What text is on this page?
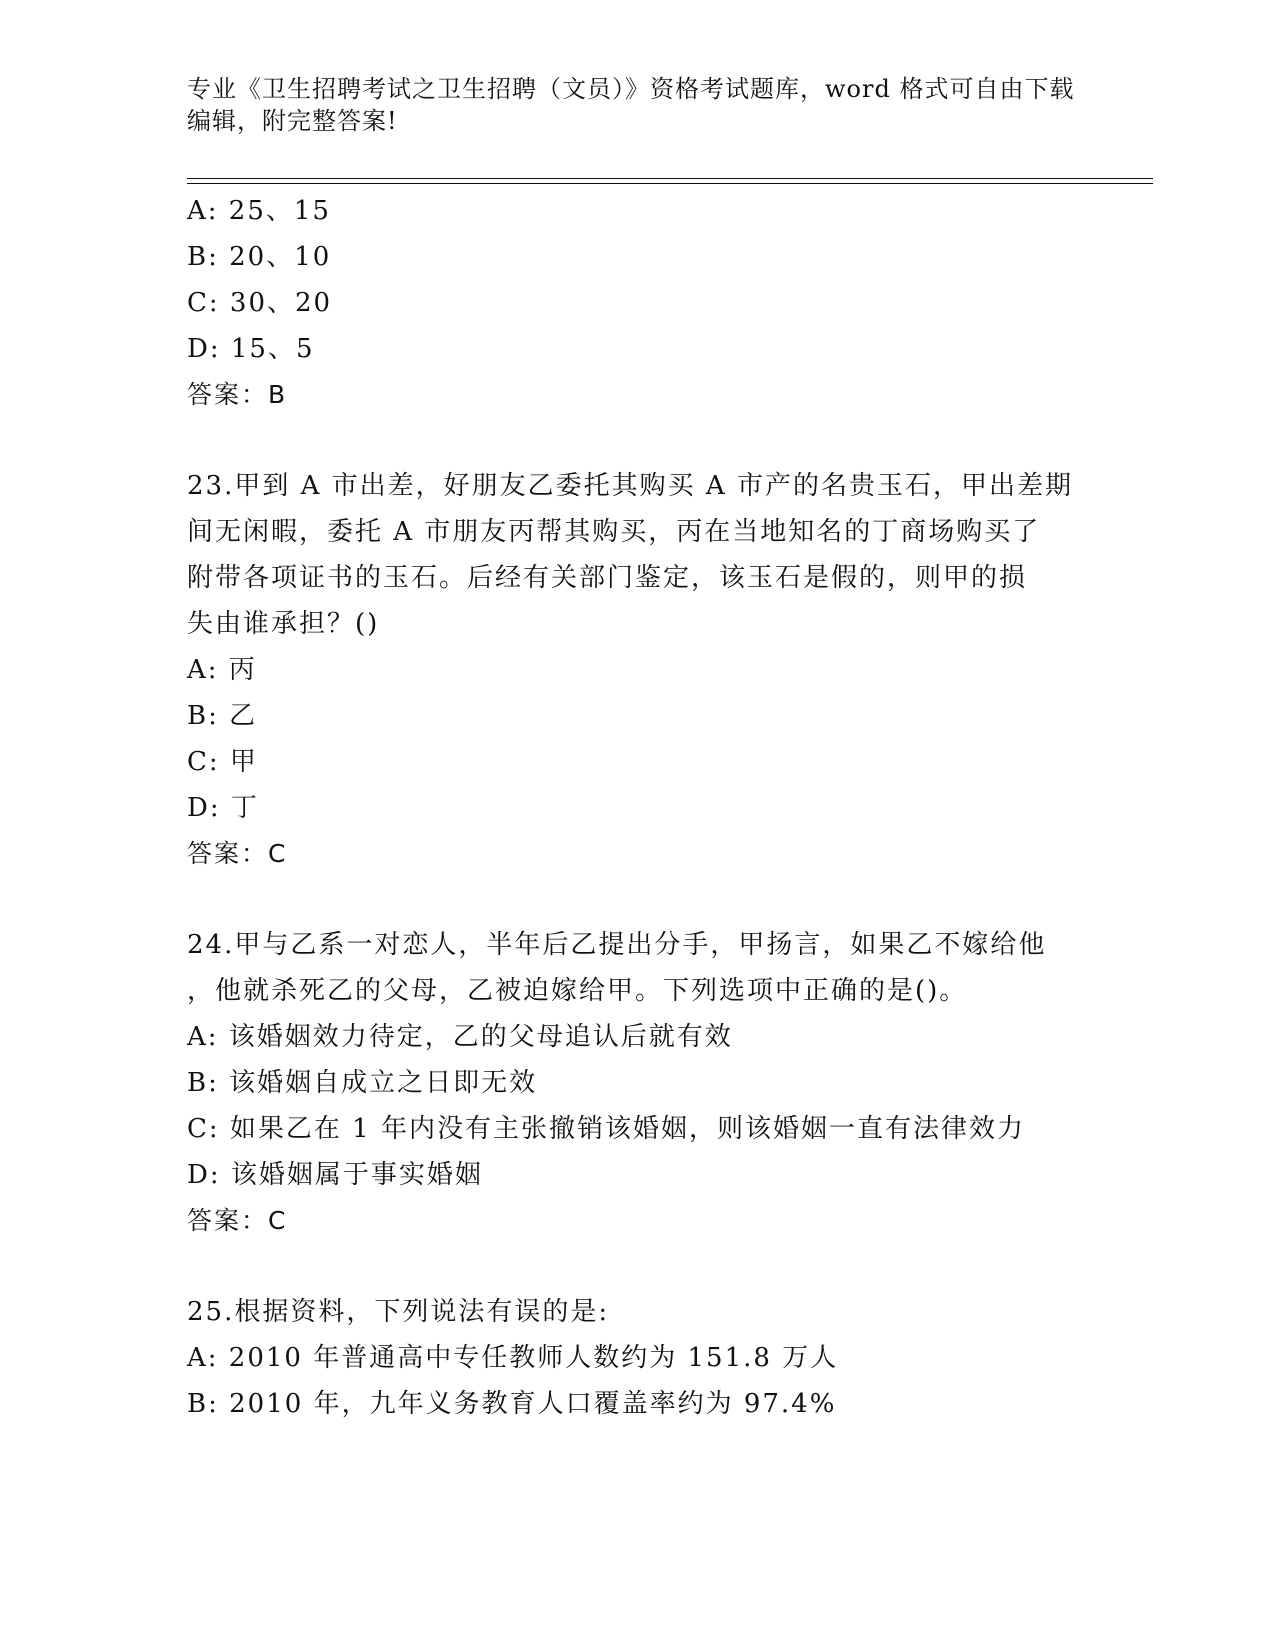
专业《卫生招聘考试之卫生招聘（文员）》资格考试题库，word 格式可自由下载
编辑，附完整答案!
A: 25、15
B: 20、10
C: 30、20
D: 15、5
答案：B
23.甲到 A 市出差，好朋友乙委托其购买 A 市产的名贵玉石，甲出差期
间无闲暇，委托 A 市朋友丙帮其购买，丙在当地知名的丁商场购买了
附带各项证书的玉石。后经有关部门鉴定，该玉石是假的，则甲的损
失由谁承担？()
A: 丙
B: 乙
C: 甲
D: 丁
答案：C
24.甲与乙系一对恋人，半年后乙提出分手，甲扬言，如果乙不嫁给他
，他就杀死乙的父母，乙被迫嫁给甲。下列选项中正确的是()。
A: 该婚姻效力待定，乙的父母追认后就有效
B: 该婚姻自成立之日即无效
C: 如果乙在 1 年内没有主张撤销该婚姻，则该婚姻一直有法律效力
D: 该婚姻属于事实婚姻
答案：C
25.根据资料，下列说法有误的是:
A: 2010 年普通高中专任教师人数约为 151.8 万人
B: 2010 年，九年义务教育人口覆盖率约为 97.4%
